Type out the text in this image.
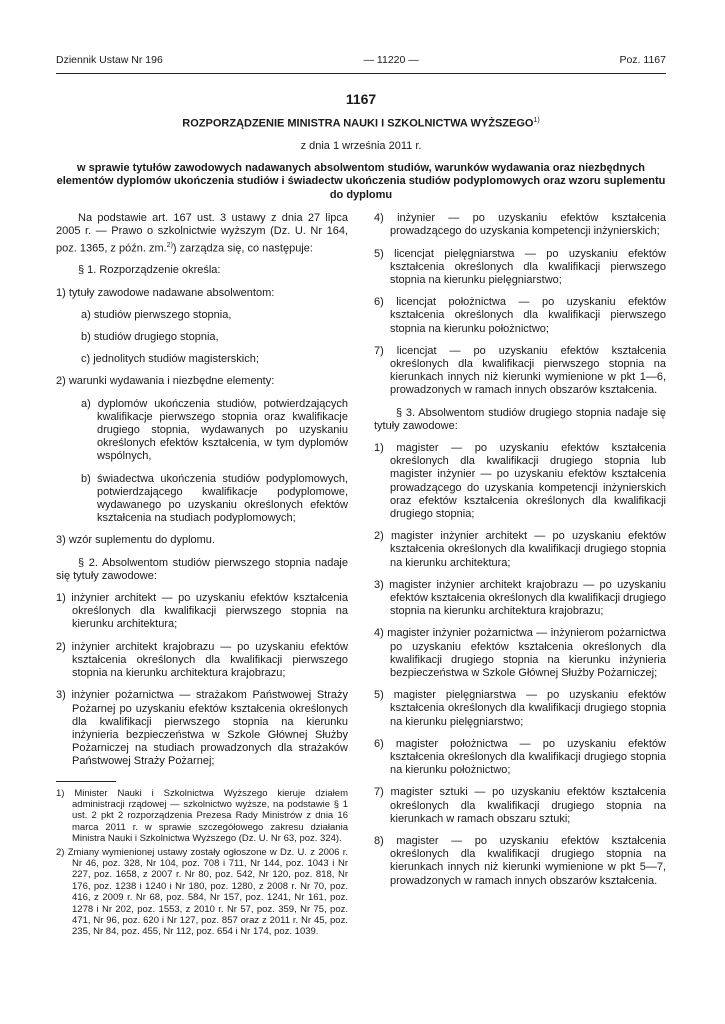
Dziennik Ustaw Nr 196	— 11220 —	Poz. 1167
1167
ROZPORZĄDZENIE MINISTRA NAUKI I SZKOLNICTWA WYŻSZEGO$^{1)}$
z dnia 1 września 2011 r.
w sprawie tytułów zawodowych nadawanych absolwentom studiów, warunków wydawania oraz niezbędnych elementów dyplomów ukończenia studiów i świadectw ukończenia studiów podyplomowych oraz wzoru suplementu do dyplomu

Na podstawie art. 167 ust. 3 ustawy z dnia 27 lipca 2005 r. — Prawo o szkolnictwie wyższym (Dz. U. Nr 164, poz. 1365, z późn. zm.$^{2)}$) zarządza się, co następuje:

§ 1. Rozporządzenie określa:

1) tytuły zawodowe nadawane absolwentom:

a) studiów pierwszego stopnia,

b) studiów drugiego stopnia,

c) jednolitych studiów magisterskich;

2) warunki wydawania i niezbędne elementy:

a) dyplomów ukończenia studiów, potwierdzających kwalifikacje pierwszego stopnia oraz kwalifikacje drugiego stopnia, wydawanych po uzyskaniu określonych efektów kształcenia, w tym dyplomów wspólnych,

b) świadectwa ukończenia studiów podyplomowych, potwierdzającego kwalifikacje podyplomowe, wydawanego po uzyskaniu określonych efektów kształcenia na studiach podyplomowych;

3) wzór suplementu do dyplomu.

§ 2. Absolwentom studiów pierwszego stopnia nadaje się tytuły zawodowe:

1) inżynier architekt — po uzyskaniu efektów kształcenia określonych dla kwalifikacji pierwszego stopnia na kierunku architektura;

2) inżynier architekt krajobrazu — po uzyskaniu efektów kształcenia określonych dla kwalifikacji pierwszego stopnia na kierunku architektura krajobrazu;

3) inżynier pożarnictwa — strażakom Państwowej Straży Pożarnej po uzyskaniu efektów kształcenia określonych dla kwalifikacji pierwszego stopnia na kierunku inżynieria bezpieczeństwa w Szkole Głównej Służby Pożarniczej na studiach prowadzonych dla strażaków Państwowej Straży Pożarnej;

1) Minister Nauki i Szkolnictwa Wyższego kieruje działem administracji rządowej — szkolnictwo wyższe, na podstawie § 1 ust. 2 pkt 2 rozporządzenia Prezesa Rady Ministrów z dnia 16 marca 2011 r. w sprawie szczegółowego zakresu działania Ministra Nauki i Szkolnictwa Wyższego (Dz. U. Nr 63, poz. 324).

2) Zmiany wymienionej ustawy zostały ogłoszone w Dz. U. z 2006 r. Nr 46, poz. 328, Nr 104, poz. 708 i 711, Nr 144, poz. 1043 i Nr 227, poz. 1658, z 2007 r. Nr 80, poz. 542, Nr 120, poz. 818, Nr 176, poz. 1238 i 1240 i Nr 180, poz. 1280, z 2008 r. Nr 70, poz. 416, z 2009 r. Nr 68, poz. 584, Nr 157, poz. 1241, Nr 161, poz. 1278 i Nr 202, poz. 1553, z 2010 r. Nr 57, poz. 359, Nr 75, poz. 471, Nr 96, poz. 620 i Nr 127, poz. 857 oraz z 2011 r. Nr 45, poz. 235, Nr 84, poz. 455, Nr 112, poz. 654 i Nr 174, poz. 1039.

4) inżynier — po uzyskaniu efektów kształcenia prowadzącego do uzyskania kompetencji inżynierskich;

5) licencjat pielęgniarstwa — po uzyskaniu efektów kształcenia określonych dla kwalifikacji pierwszego stopnia na kierunku pielęgniarstwo;

6) licencjat położnictwa — po uzyskaniu efektów kształcenia określonych dla kwalifikacji pierwszego stopnia na kierunku położnictwo;

7) licencjat — po uzyskaniu efektów kształcenia określonych dla kwalifikacji pierwszego stopnia na kierunkach innych niż kierunki wymienione w pkt 1—6, prowadzonych w ramach innych obszarów kształcenia.

§ 3. Absolwentom studiów drugiego stopnia nadaje się tytuły zawodowe:

1) magister — po uzyskaniu efektów kształcenia określonych dla kwalifikacji drugiego stopnia lub magister inżynier — po uzyskaniu efektów kształcenia prowadzącego do uzyskania kompetencji inżynierskich oraz efektów kształcenia określonych dla kwalifikacji drugiego stopnia;

2) magister inżynier architekt — po uzyskaniu efektów kształcenia określonych dla kwalifikacji drugiego stopnia na kierunku architektura;

3) magister inżynier architekt krajobrazu — po uzyskaniu efektów kształcenia określonych dla kwalifikacji drugiego stopnia na kierunku architektura krajobrazu;

4) magister inżynier pożarnictwa — inżynierom pożarnictwa po uzyskaniu efektów kształcenia określonych dla kwalifikacji drugiego stopnia na kierunku inżynieria bezpieczeństwa w Szkole Głównej Służby Pożarniczej;

5) magister pielęgniarstwa — po uzyskaniu efektów kształcenia określonych dla kwalifikacji drugiego stopnia na kierunku pielęgniarstwo;

6) magister położnictwa — po uzyskaniu efektów kształcenia określonych dla kwalifikacji drugiego stopnia na kierunku położnictwo;

7) magister sztuki — po uzyskaniu efektów kształcenia określonych dla kwalifikacji drugiego stopnia na kierunkach w ramach obszaru sztuki;

8) magister — po uzyskaniu efektów kształcenia określonych dla kwalifikacji drugiego stopnia na kierunkach innych niż kierunki wymienione w pkt 5—7, prowadzonych w ramach innych obszarów kształcenia.
